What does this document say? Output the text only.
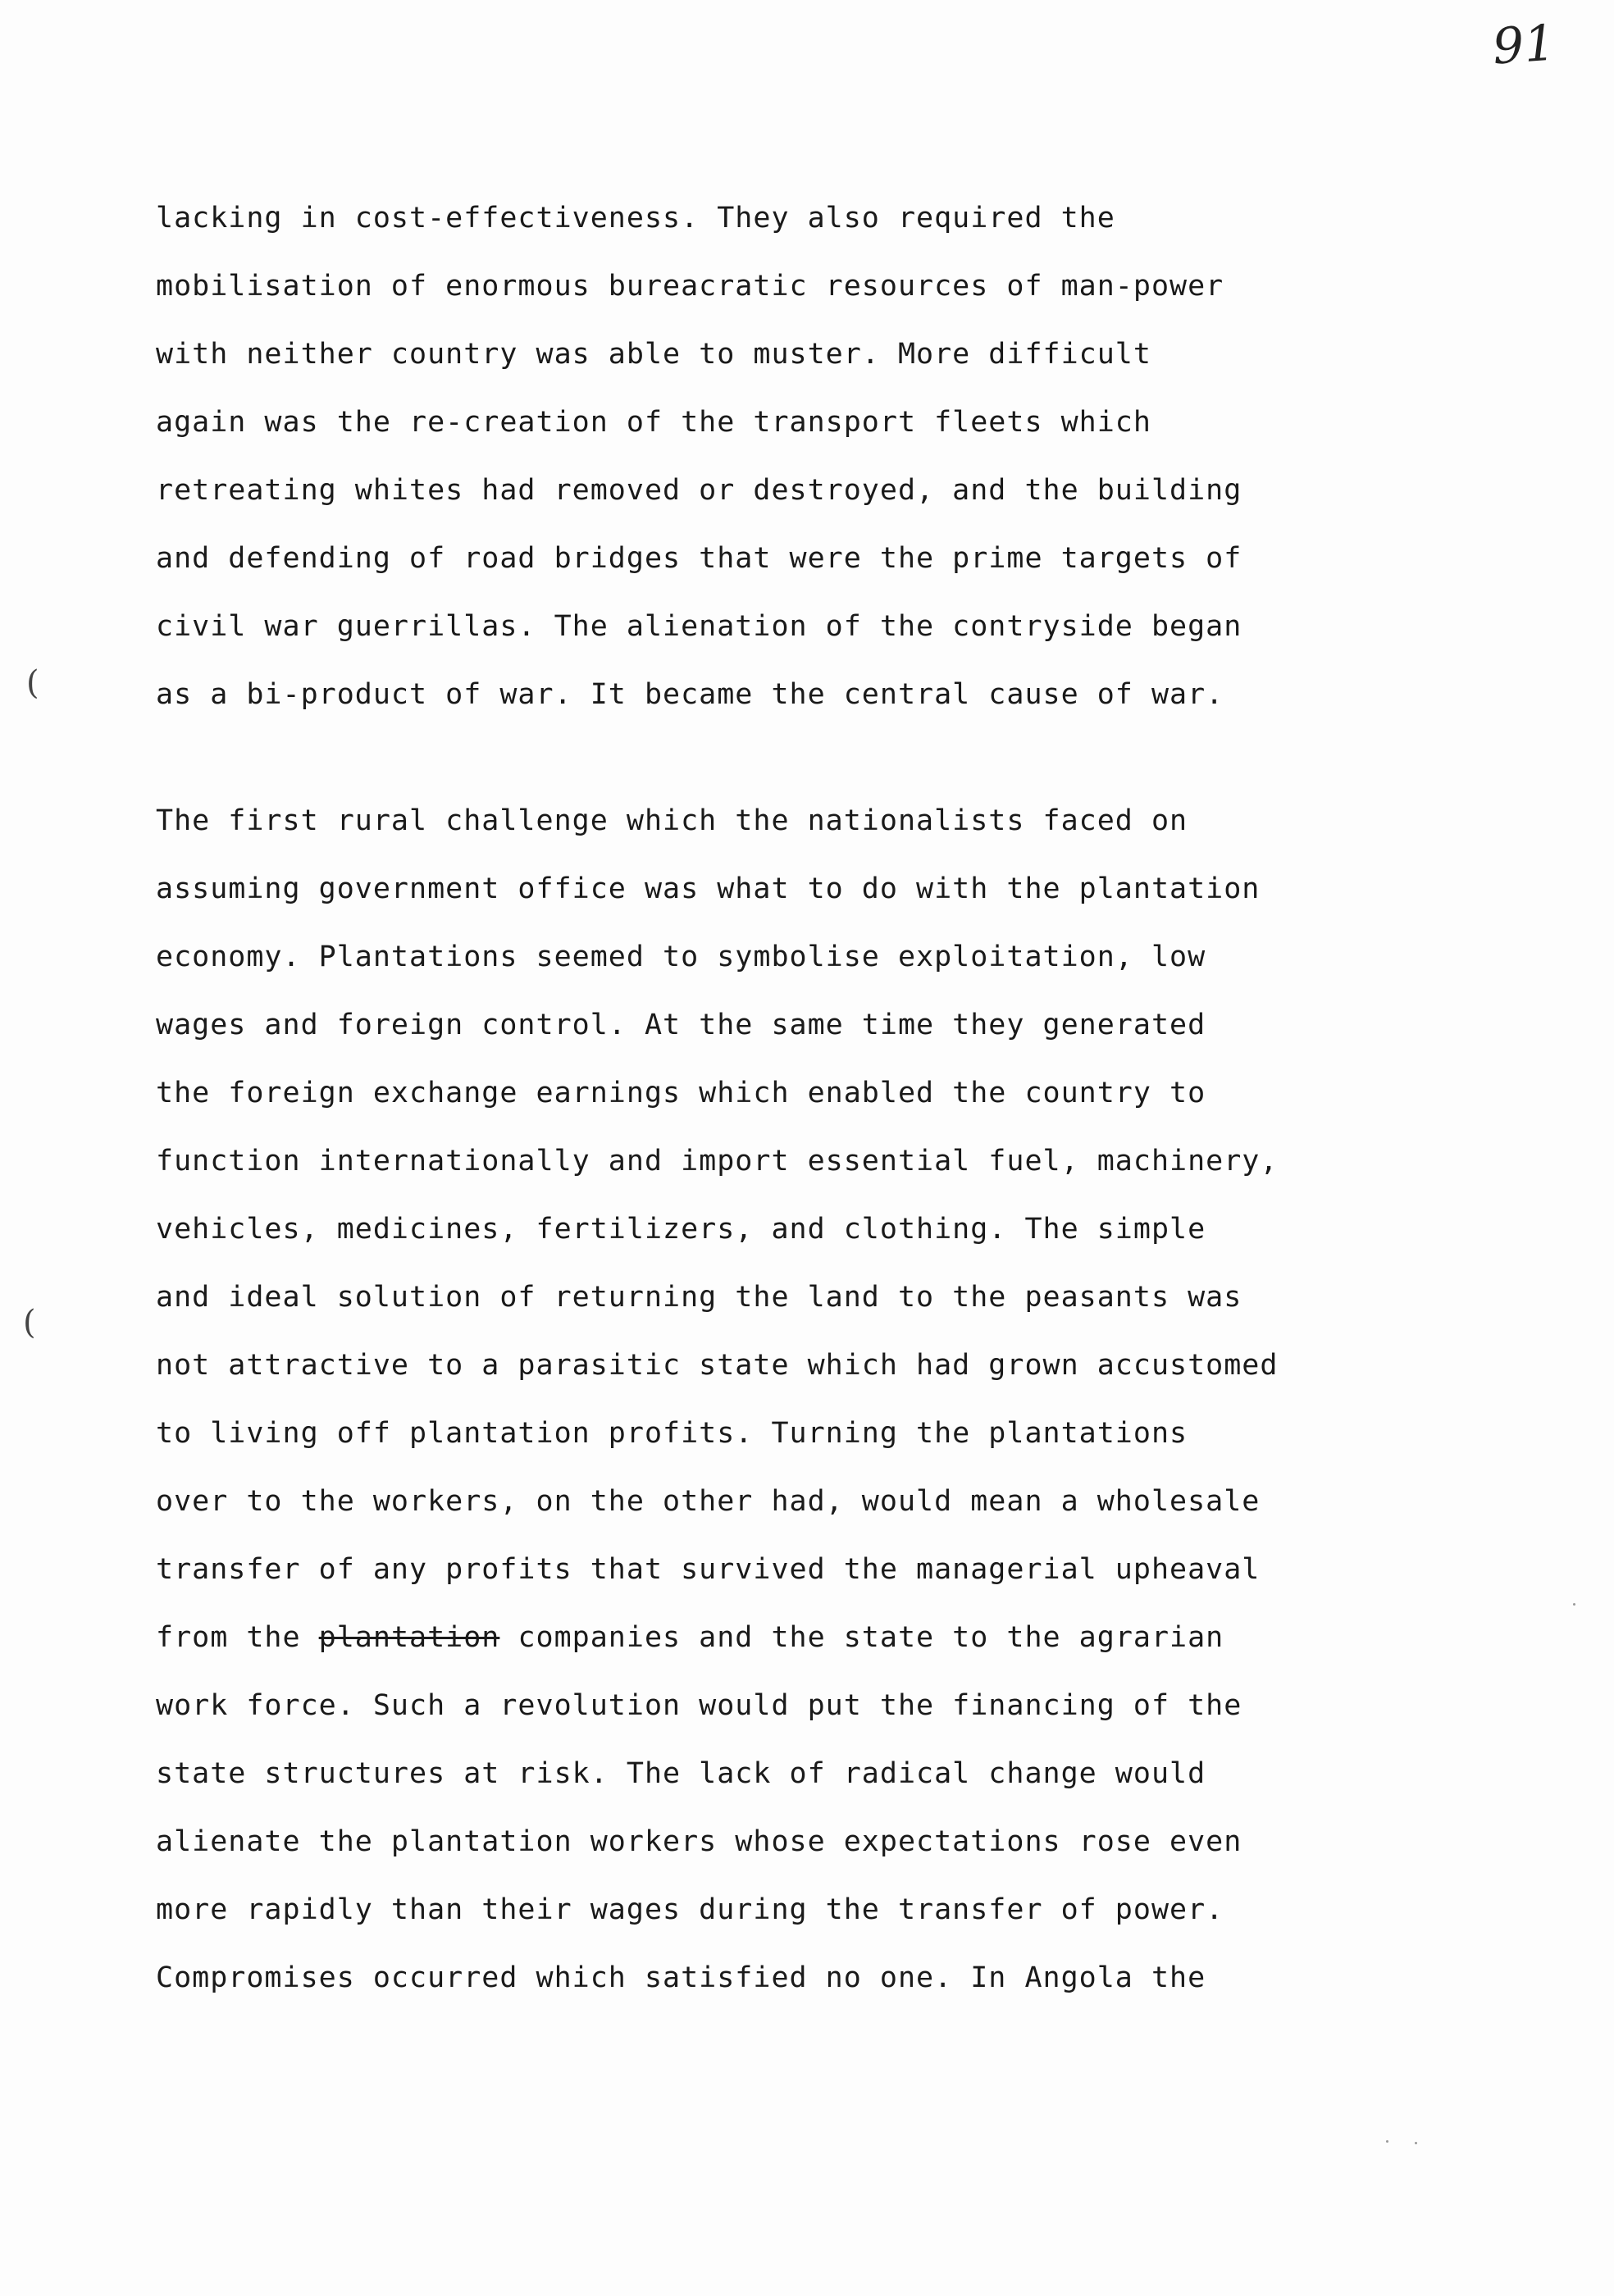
91
(
(
lacking in cost-effectiveness. They also required the
mobilisation of enormous bureacratic resources of man-power
with neither country was able to muster. More difficult
again was the re-creation of the transport fleets which
retreating whites had removed or destroyed, and the building
and defending of road bridges that were the prime targets of
civil war guerrillas. The alienation of the contryside began
as a bi-product of war. It became the central cause of war.
The first rural challenge which the nationalists faced on
assuming government office was what to do with the plantation
economy. Plantations seemed to symbolise exploitation, low
wages and foreign control. At the same time they generated
the foreign exchange earnings which enabled the country to
function internationally and import essential fuel, machinery,
vehicles, medicines, fertilizers, and clothing. The simple
and ideal solution of returning the land to the peasants was
not attractive to a parasitic state which had grown accustomed
to living off plantation profits. Turning the plantations
over to the workers, on the other had, would mean a wholesale
transfer of any profits that survived the managerial upheaval
from the plantation companies and the state to the agrarian
work force. Such a revolution would put the financing of the
state structures at risk. The lack of radical change would
alienate the plantation workers whose expectations rose even
more rapidly than their wages during the transfer of power.
Compromises occurred which satisfied no one. In Angola the
